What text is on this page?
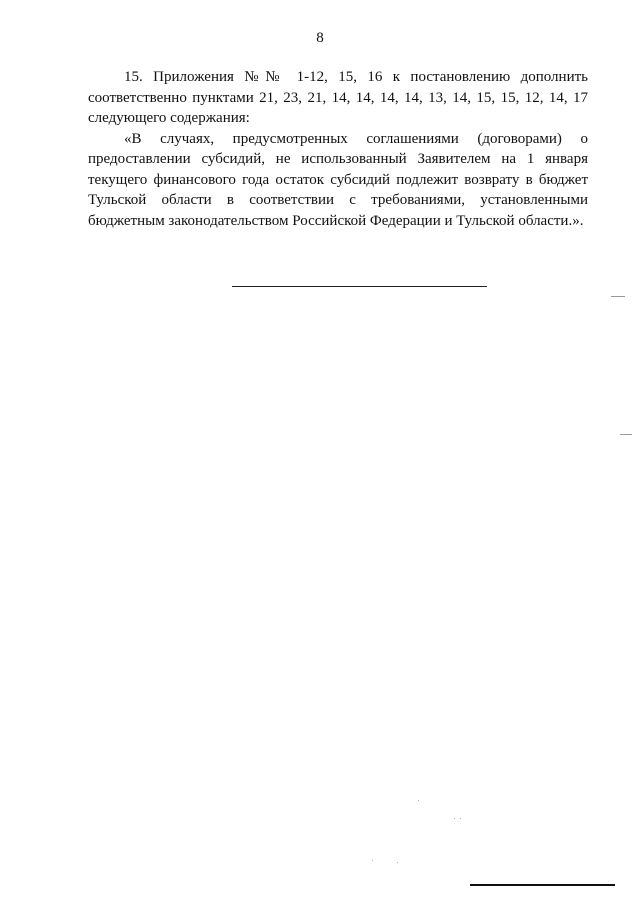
8

15. Приложения №№ 1-12, 15, 16 к постановлению дополнить соответственно пунктами 21, 23, 21, 14, 14, 14, 14, 13, 14, 15, 15, 12, 14, 17 следующего содержания:

«В случаях, предусмотренных соглашениями (договорами) о предоставлении субсидий, не использованный Заявителем на 1 января текущего финансового года остаток субсидий подлежит возврату в бюджет Тульской области в соответствии с требованиями, установленными бюджетным законодательством Российской Федерации и Тульской области.».
